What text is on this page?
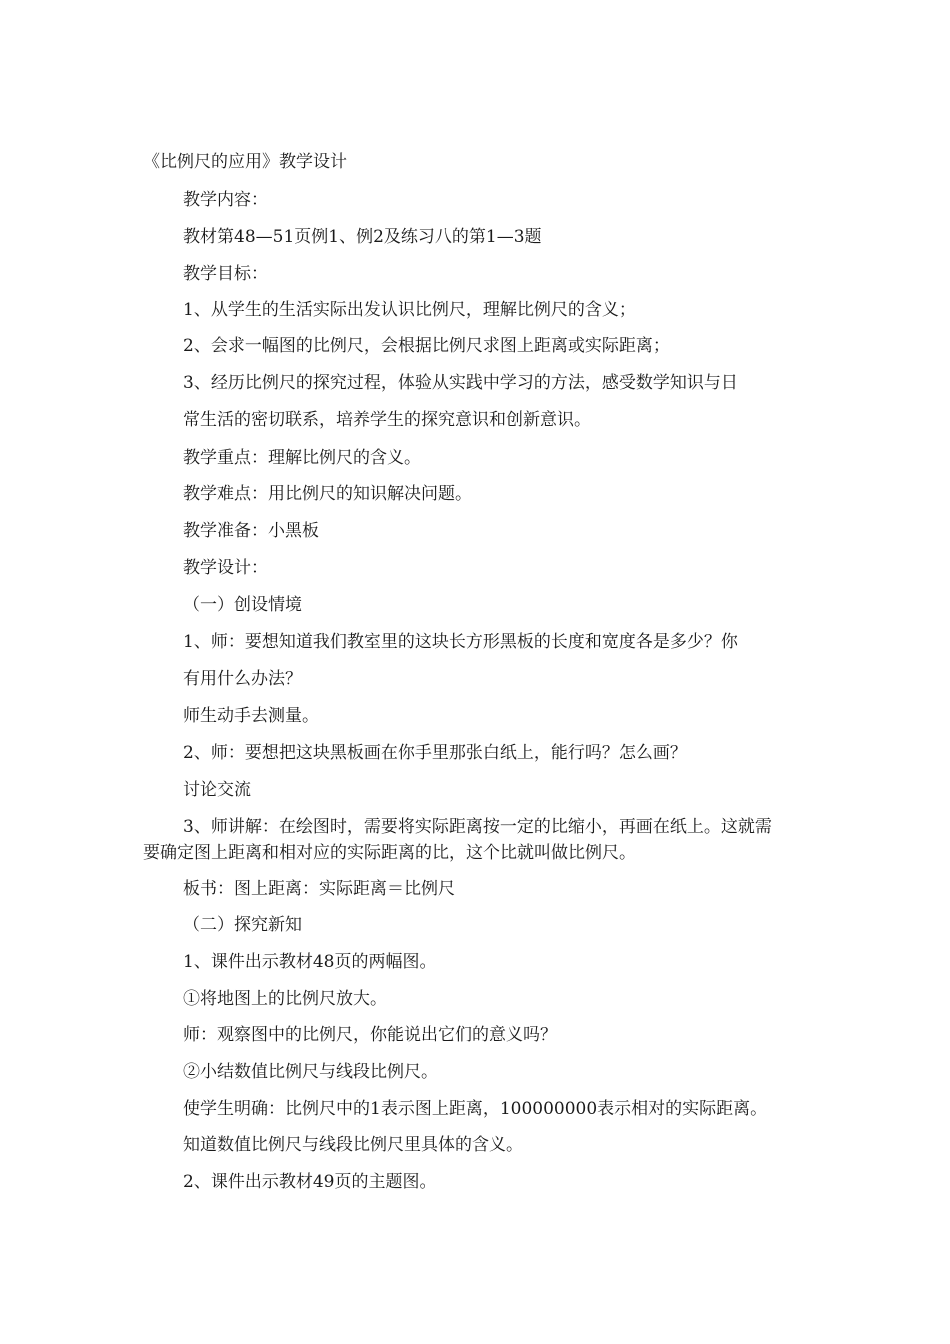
《比例尺的应用》教学设计
教学内容：
教材第48—51页例1、例2及练习八的第1—3题
教学目标：
1、从学生的生活实际出发认识比例尺，理解比例尺的含义；
2、会求一幅图的比例尺，会根据比例尺求图上距离或实际距离；
3、经历比例尺的探究过程，体验从实践中学习的方法，感受数学知识与日
常生活的密切联系，培养学生的探究意识和创新意识。
教学重点：理解比例尺的含义。
教学难点：用比例尺的知识解决问题。
教学准备：小黑板
教学设计：
（一）创设情境
1、师：要想知道我们教室里的这块长方形黑板的长度和宽度各是多少？你
有用什么办法？
师生动手去测量。
2、师：要想把这块黑板画在你手里那张白纸上，能行吗？怎么画？
讨论交流
3、师讲解：在绘图时，需要将实际距离按一定的比缩小，再画在纸上。这就需
要确定图上距离和相对应的实际距离的比，这个比就叫做比例尺。
板书：图上距离：实际距离＝比例尺
（二）探究新知
1、课件出示教材48页的两幅图。
①将地图上的比例尺放大。
师：观察图中的比例尺，你能说出它们的意义吗？
②小结数值比例尺与线段比例尺。
使学生明确：比例尺中的1表示图上距离，100000000表示相对的实际距离。
知道数值比例尺与线段比例尺里具体的含义。
2、课件出示教材49页的主题图。
